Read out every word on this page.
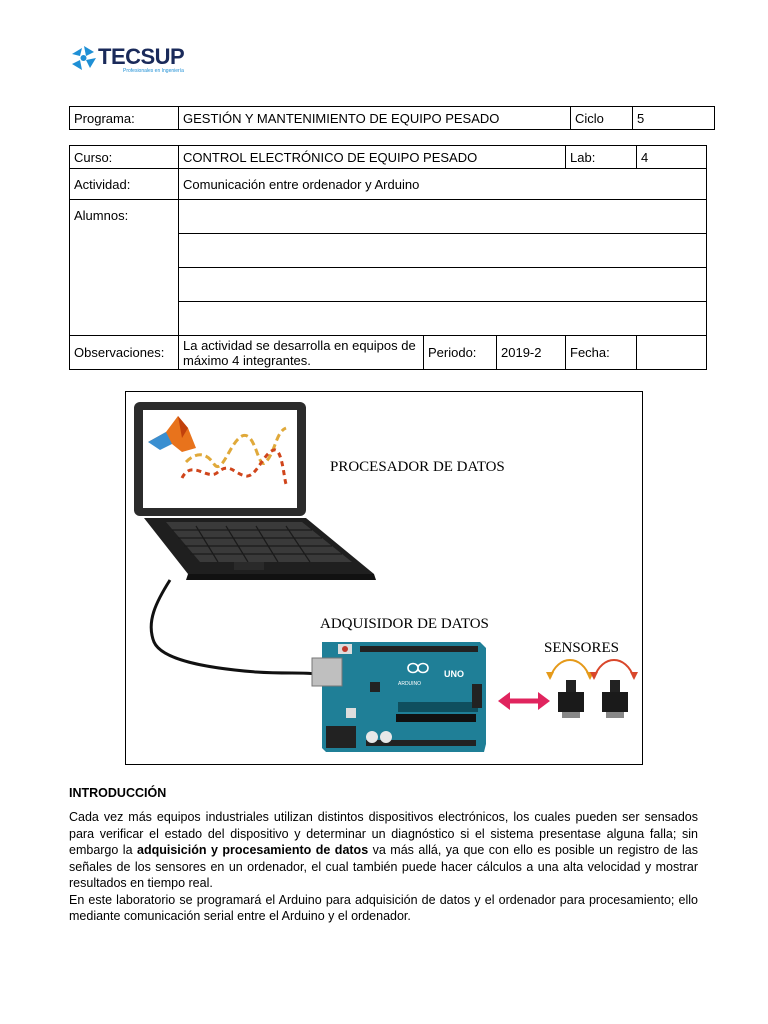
TECSUP
Profesionales en Ingeniería
Programa:	GESTIÓN Y MANTENIMIENTO DE EQUIPO PESADO	Ciclo	5
Curso:	CONTROL ELECTRÓNICO DE EQUIPO PESADO			Lab:	4
Actividad:	Comunicación entre ordenador y Arduino				
Alumnos:					

Observaciones:	La actividad se desarrolla en equipos de máximo 4 integrantes.	Periodo:	2019-2	Fecha:	
PROCESADOR DE DATOS
ADQUISIDOR DE DATOS
SENSORES
UNO
ARDUINO
INTRODUCCIÓN

Cada vez más equipos industriales utilizan distintos dispositivos electrónicos, los cuales pueden ser sensados para verificar el estado del dispositivo y determinar un diagnóstico si el sistema presentase alguna falla; sin embargo la adquisición y procesamiento de datos va más allá, ya que con ello es posible un registro de las señales de los sensores en un ordenador, el cual también puede hacer cálculos a una alta velocidad y mostrar resultados en tiempo real.

En este laboratorio se programará el Arduino para adquisición de datos y el ordenador para procesamiento; ello mediante comunicación serial entre el Arduino y el ordenador.
